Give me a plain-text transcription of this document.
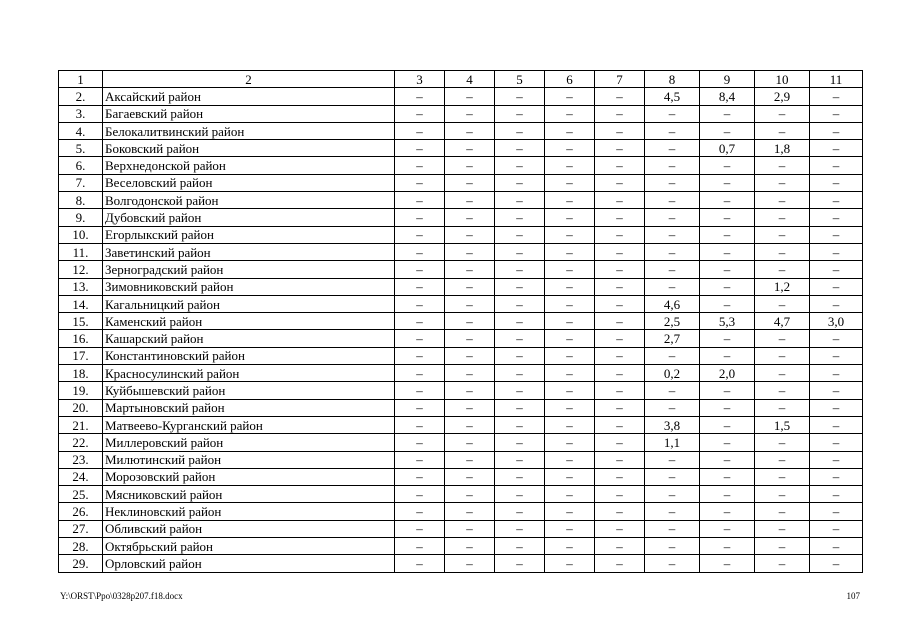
1	2	3	4	5	6	7	8	9	10	11
2.	Аксайский район	–	–	–	–	–	4,5	8,4	2,9	–
3.	Багаевский район	–	–	–	–	–	–	–	–	–
4.	Белокалитвинский район	–	–	–	–	–	–	–	–	–
5.	Боковский район	–	–	–	–	–	–	0,7	1,8	–
6.	Верхнедонской район	–	–	–	–	–	–	–	–	–
7.	Веселовский район	–	–	–	–	–	–	–	–	–
8.	Волгодонской район	–	–	–	–	–	–	–	–	–
9.	Дубовский район	–	–	–	–	–	–	–	–	–
10.	Егорлыкский район	–	–	–	–	–	–	–	–	–
11.	Заветинский район	–	–	–	–	–	–	–	–	–
12.	Зерноградский район	–	–	–	–	–	–	–	–	–
13.	Зимовниковский район	–	–	–	–	–	–	–	1,2	–
14.	Кагальницкий район	–	–	–	–	–	4,6	–	–	–
15.	Каменский район	–	–	–	–	–	2,5	5,3	4,7	3,0
16.	Кашарский район	–	–	–	–	–	2,7	–	–	–
17.	Константиновский район	–	–	–	–	–	–	–	–	–
18.	Красносулинский район	–	–	–	–	–	0,2	2,0	–	–
19.	Куйбышевский район	–	–	–	–	–	–	–	–	–
20.	Мартыновский район	–	–	–	–	–	–	–	–	–
21.	Матвеево-Курганский район	–	–	–	–	–	3,8	–	1,5	–
22.	Миллеровский район	–	–	–	–	–	1,1	–	–	–
23.	Милютинский район	–	–	–	–	–	–	–	–	–
24.	Морозовский район	–	–	–	–	–	–	–	–	–
25.	Мясниковский район	–	–	–	–	–	–	–	–	–
26.	Неклиновский район	–	–	–	–	–	–	–	–	–
27.	Обливский район	–	–	–	–	–	–	–	–	–
28.	Октябрьский район	–	–	–	–	–	–	–	–	–
29.	Орловский район	–	–	–	–	–	–	–	–	–
Y:\ORST\Ppo\0328p207.f18.docx	107
